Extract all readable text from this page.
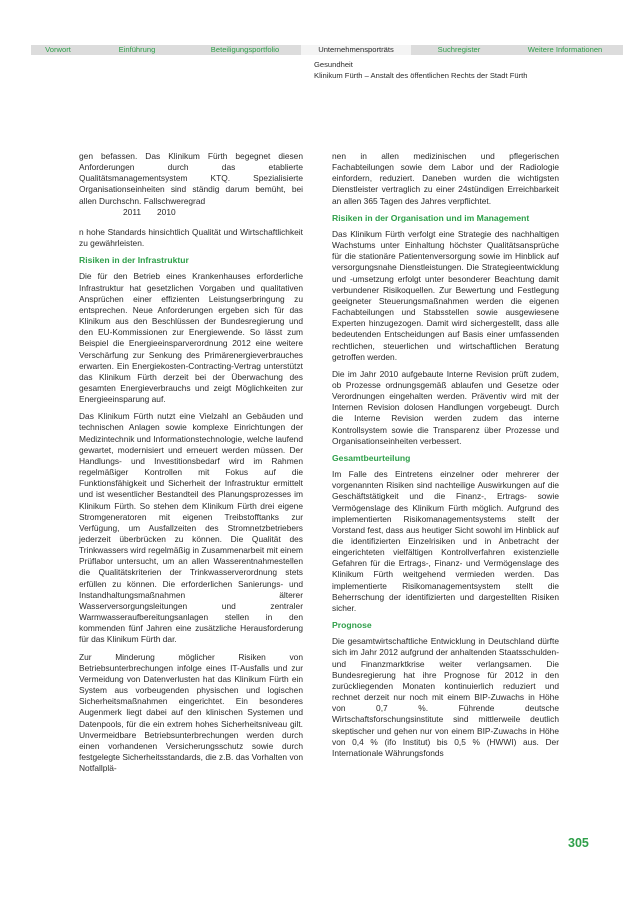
Vorwort	Einführung	Beteiligungsportfolio	Unternehmensporträts	Suchregister	Weitere Informationen
Gesundheit
Klinikum Fürth – Anstalt des öffentlichen Rechts der Stadt Fürth

gen befassen. Das Klinikum Fürth begegnet diesen Anforderungen durch das etablierte Qualitätsmanagementsystem KTQ. Spezialisierte Organisationseinheiten sind ständig darum bemüht, bei allen Durchschn. Fallschweregrad
2011 2010

n hohe Standards hinsichtlich Qualität und Wirtschaftlichkeit zu gewährleisten.

Risiken in der Infrastruktur

Die für den Betrieb eines Krankenhauses erforderliche Infrastruktur hat gesetzlichen Vorgaben und qualitativen Ansprüchen einer effizienten Leistungserbringung zu entsprechen. Neue Anforderungen ergeben sich für das Klinikum aus den Beschlüssen der Bundesregierung und den EU-Kommissionen zur Energiewende. So lässt zum Beispiel die Energieeinsparverordnung 2012 eine weitere Verschärfung zur Senkung des Primärenergieverbrauches erwarten. Ein Energiekosten-Contracting-Vertrag unterstützt das Klinikum Fürth derzeit bei der Überwachung des gesamten Energieverbrauchs und zeigt Möglichkeiten zur Energieeinsparung auf.

Das Klinikum Fürth nutzt eine Vielzahl an Gebäuden und technischen Anlagen sowie komplexe Einrichtungen der Medizintechnik und Informationstechnologie, welche laufend gewartet, modernisiert und erneuert werden müssen. Der Handlungs- und Investitionsbedarf wird im Rahmen regelmäßiger Kontrollen mit Fokus auf die Funktionsfähigkeit und Sicherheit der Infrastruktur ermittelt und ist wesentlicher Bestandteil des Planungsprozesses im Klinikum Fürth. So stehen dem Klinikum Fürth drei eigene Stromgeneratoren mit eigenen Treibstofftanks zur Verfügung, um Ausfallzeiten des Stromnetzbetriebers jederzeit überbrücken zu können. Die Qualität des Trinkwassers wird regelmäßig in Zusammenarbeit mit einem Prüflabor untersucht, um an allen Wasserentnahmestellen die Qualitätskriterien der Trinkwasserverordnung stets erfüllen zu können. Die erforderlichen Sanierungs- und Instandhaltungsmaßnahmen älterer Wasserversorgungsleitungen und zentraler Warmwasseraufbereitungsanlagen stellen in den kommenden fünf Jahren eine zusätzliche Herausforderung für das Klinikum Fürth dar.

Zur Minderung möglicher Risiken von Betriebsunterbrechungen infolge eines IT-Ausfalls und zur Vermeidung von Datenverlusten hat das Klinikum Fürth ein System aus vorbeugenden physischen und logischen Sicherheitsmaßnahmen eingerichtet. Ein besonderes Augenmerk liegt dabei auf den klinischen Systemen und Datenpools, für die ein extrem hohes Sicherheitsniveau gilt. Unvermeidbare Betriebsunterbrechungen werden durch einen vorhandenen Versicherungsschutz sowie durch festgelegte Sicherheitsstandards, die z.B. das Vorhalten von Notfallplä-

nen in allen medizinischen und pflegerischen Fachabteilungen sowie dem Labor und der Radiologie einfordern, reduziert. Daneben wurden die wichtigsten Dienstleister vertraglich zu einer 24stündigen Erreichbarkeit an allen 365 Tagen des Jahres verpflichtet.

Risiken in der Organisation und im Management

Das Klinikum Fürth verfolgt eine Strategie des nachhaltigen Wachstums unter Einhaltung höchster Qualitätsansprüche für die stationäre Patientenversorgung sowie im Hinblick auf versorgungsnahe Dienstleistungen. Die Strategieentwicklung und -umsetzung erfolgt unter besonderer Beachtung damit verbundener Risikoquellen. Zur Bewertung und Festlegung geeigneter Steuerungsmaßnahmen werden die eigenen Fachabteilungen und Stabsstellen sowie ausgewiesene Experten hinzugezogen. Damit wird sichergestellt, dass alle bedeutenden Entscheidungen auf Basis einer umfassenden rechtlichen, steuerlichen und wirtschaftlichen Beratung getroffen werden.

Die im Jahr 2010 aufgebaute Interne Revision prüft zudem, ob Prozesse ordnungsgemäß ablaufen und Gesetze oder Verordnungen eingehalten werden. Präventiv wird mit der Internen Revision dolosen Handlungen vorgebeugt. Durch die Interne Revision werden zudem das interne Kontrollsystem sowie die Transparenz über Prozesse und Organisationseinheiten verbessert.

Gesamtbeurteilung

Im Falle des Eintretens einzelner oder mehrerer der vorgenannten Risiken sind nachteilige Auswirkungen auf die Geschäftstätigkeit und die Finanz-, Ertrags- sowie Vermögenslage des Klinikum Fürth möglich. Aufgrund des implementierten Risikomanagementsystems stellt der Vorstand fest, dass aus heutiger Sicht sowohl im Hinblick auf die identifizierten Einzelrisiken und in Anbetracht der eingerichteten vielfältigen Kontrollverfahren existenzielle Gefahren für die Ertrags-, Finanz- und Vermögenslage des Klinikum Fürth weitgehend vermieden werden. Das implementierte Risikomanagementsystem stellt die Beherrschung der identifizierten und dargestellten Risiken sicher.

Prognose

Die gesamtwirtschaftliche Entwicklung in Deutschland dürfte sich im Jahr 2012 aufgrund der anhaltenden Staatsschulden- und Finanzmarktkrise weiter verlangsamen. Die Bundesregierung hat ihre Prognose für 2012 in den zurückliegenden Monaten kontinuierlich reduziert und rechnet derzeit nur noch mit einem BIP-Zuwachs in Höhe von 0,7 %. Führende deutsche Wirtschaftsforschungsinstitute sind mittlerweile deutlich skeptischer und gehen nur von einem BIP-Zuwachs in Höhe von 0,4 % (ifo Institut) bis 0,5 % (HWWI) aus. Der Internationale Währungsfonds

305
